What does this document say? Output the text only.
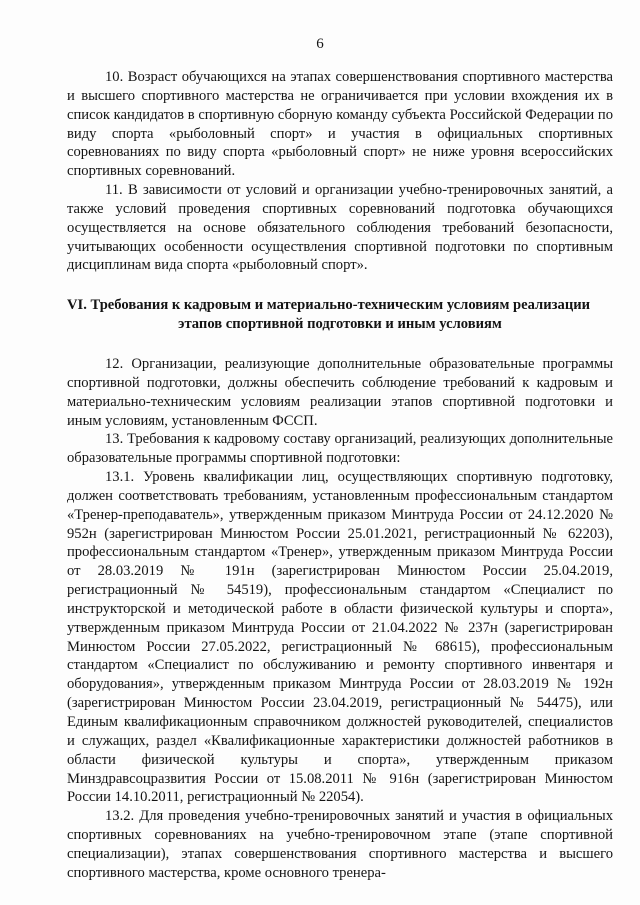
6

10. Возраст обучающихся на этапах совершенствования спортивного мастерства и высшего спортивного мастерства не ограничивается при условии вхождения их в список кандидатов в спортивную сборную команду субъекта Российской Федерации по виду спорта «рыболовный спорт» и участия в официальных спортивных соревнованиях по виду спорта «рыболовный спорт» не ниже уровня всероссийских спортивных соревнований.

11. В зависимости от условий и организации учебно-тренировочных занятий, а также условий проведения спортивных соревнований подготовка обучающихся осуществляется на основе обязательного соблюдения требований безопасности, учитывающих особенности осуществления спортивной подготовки по спортивным дисциплинам вида спорта «рыболовный спорт».

VI. Требования к кадровым и материально-техническим условиям реализации
этапов спортивной подготовки и иным условиям

12. Организации, реализующие дополнительные образовательные программы спортивной подготовки, должны обеспечить соблюдение требований к кадровым и материально-техническим условиям реализации этапов спортивной подготовки и иным условиям, установленным ФССП.

13. Требования к кадровому составу организаций, реализующих дополнительные образовательные программы спортивной подготовки:

13.1. Уровень квалификации лиц, осуществляющих спортивную подготовку, должен соответствовать требованиям, установленным профессиональным стандартом «Тренер-преподаватель», утвержденным приказом Минтруда России от 24.12.2020 № 952н (зарегистрирован Минюстом России 25.01.2021, регистрационный № 62203), профессиональным стандартом «Тренер», утвержденным приказом Минтруда России от 28.03.2019 № 191н (зарегистрирован Минюстом России 25.04.2019, регистрационный № 54519), профессиональным стандартом «Специалист по инструкторской и методической работе в области физической культуры и спорта», утвержденным приказом Минтруда России от 21.04.2022 № 237н (зарегистрирован Минюстом России 27.05.2022, регистрационный № 68615), профессиональным стандартом «Специалист по обслуживанию и ремонту спортивного инвентаря и оборудования», утвержденным приказом Минтруда России от 28.03.2019 № 192н (зарегистрирован Минюстом России 23.04.2019, регистрационный № 54475), или Единым квалификационным справочником должностей руководителей, специалистов и служащих, раздел «Квалификационные характеристики должностей работников в области физической культуры и спорта», утвержденным приказом Минздравсоцразвития России от 15.08.2011 № 916н (зарегистрирован Минюстом России 14.10.2011, регистрационный № 22054).

13.2. Для проведения учебно-тренировочных занятий и участия в официальных спортивных соревнованиях на учебно-тренировочном этапе (этапе спортивной специализации), этапах совершенствования спортивного мастерства и высшего спортивного мастерства, кроме основного тренера-
